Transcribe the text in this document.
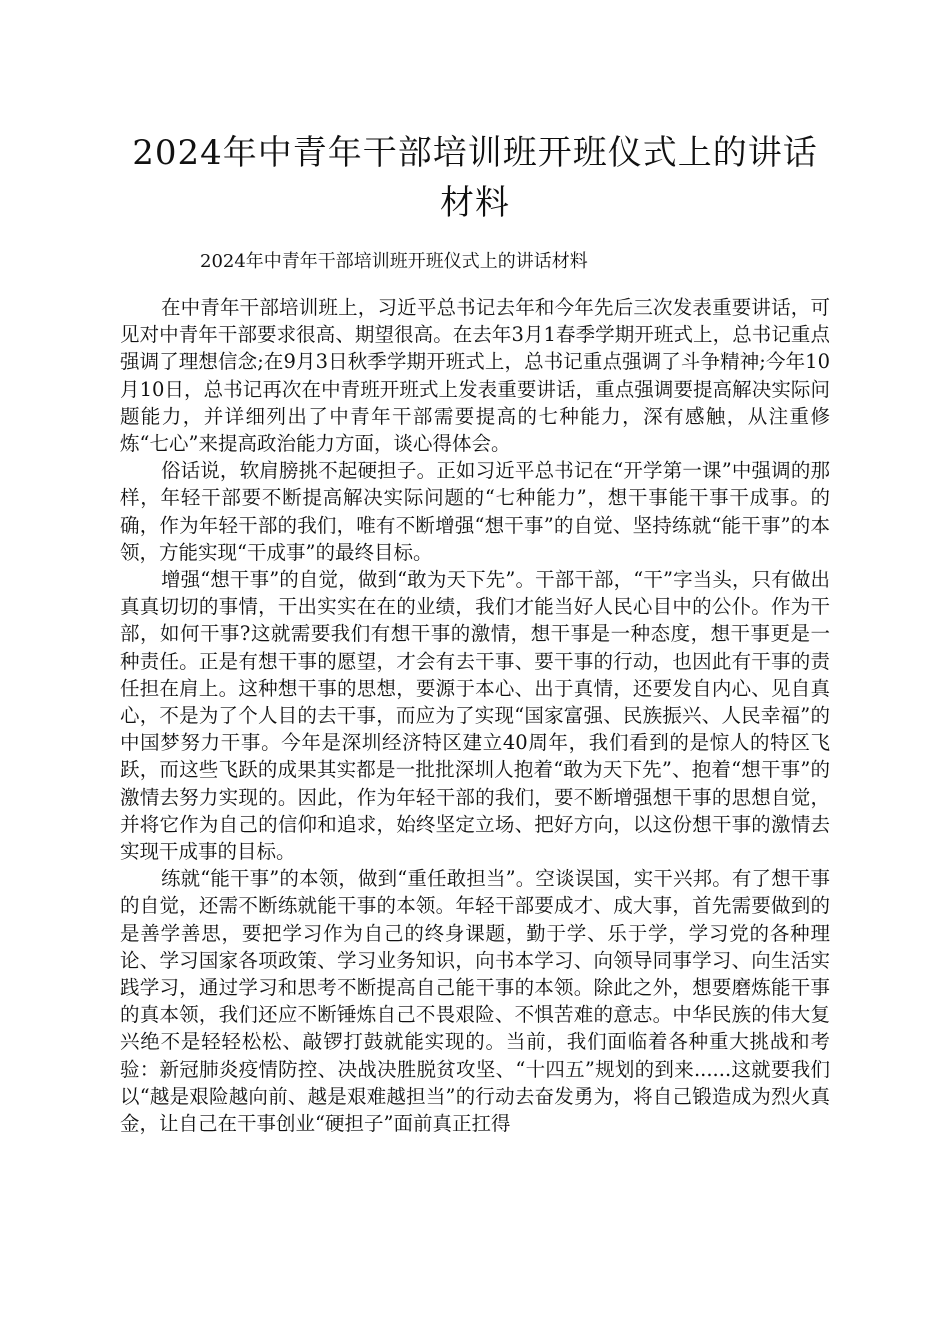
2024年中青年干部培训班开班仪式上的讲话材料
2024年中青年干部培训班开班仪式上的讲话材料

在中青年干部培训班上，习近平总书记去年和今年先后三次发表重要讲话，可见对中青年干部要求很高、期望很高。在去年3月1春季学期开班式上，总书记重点强调了理想信念;在9月3日秋季学期开班式上，总书记重点强调了斗争精神;今年10月10日，总书记再次在中青班开班式上发表重要讲话，重点强调要提高解决实际问题能力，并详细列出了中青年干部需要提高的七种能力，深有感触，从注重修炼“七心”来提高政治能力方面，谈心得体会。

俗话说，软肩膀挑不起硬担子。正如习近平总书记在“开学第一课”中强调的那样，年轻干部要不断提高解决实际问题的“七种能力”，想干事能干事干成事。的确，作为年轻干部的我们，唯有不断增强“想干事”的自觉、坚持练就“能干事”的本领，方能实现“干成事”的最终目标。

增强“想干事”的自觉，做到“敢为天下先”。干部干部，“干”字当头，只有做出真真切切的事情，干出实实在在的业绩，我们才能当好人民心目中的公仆。作为干部，如何干事?这就需要我们有想干事的激情，想干事是一种态度，想干事更是一种责任。正是有想干事的愿望，才会有去干事、要干事的行动，也因此有干事的责任担在肩上。这种想干事的思想，要源于本心、出于真情，还要发自内心、见自真心，不是为了个人目的去干事，而应为了实现“国家富强、民族振兴、人民幸福”的中国梦努力干事。今年是深圳经济特区建立40周年，我们看到的是惊人的特区飞跃，而这些飞跃的成果其实都是一批批深圳人抱着“敢为天下先”、抱着“想干事”的激情去努力实现的。因此，作为年轻干部的我们，要不断增强想干事的思想自觉，并将它作为自己的信仰和追求，始终坚定立场、把好方向，以这份想干事的激情去实现干成事的目标。

练就“能干事”的本领，做到“重任敢担当”。空谈误国，实干兴邦。有了想干事的自觉，还需不断练就能干事的本领。年轻干部要成才、成大事，首先需要做到的是善学善思，要把学习作为自己的终身课题，勤于学、乐于学，学习党的各种理论、学习国家各项政策、学习业务知识，向书本学习、向领导同事学习、向生活实践学习，通过学习和思考不断提高自己能干事的本领。除此之外，想要磨炼能干事的真本领，我们还应不断锤炼自己不畏艰险、不惧苦难的意志。中华民族的伟大复兴绝不是轻轻松松、敲锣打鼓就能实现的。当前，我们面临着各种重大挑战和考验：新冠肺炎疫情防控、决战决胜脱贫攻坚、“十四五”规划的到来......这就要我们以“越是艰险越向前、越是艰难越担当”的行动去奋发勇为，将自己锻造成为烈火真金，让自己在干事创业“硬担子”面前真正扛得
